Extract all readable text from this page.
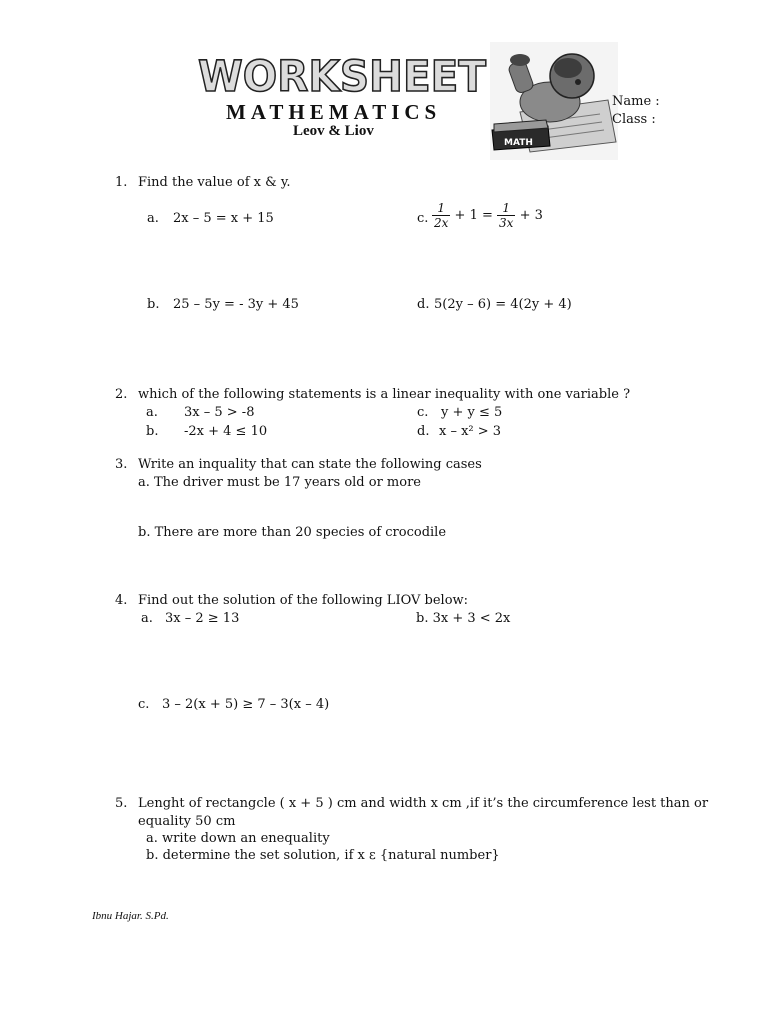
WORKSHEET
MATHEMATICS
Leov & Liov
MATH
Name :
Class :
1. Find the value of x & y.
a. 2x – 5 = x + 15	c. $\frac{1}{2x} + 1 = \frac{1}{3x} + 3$
b. 25 – 5y = - 3y + 45	d. 5(2y – 6) = 4(2y + 4)
2. which of the following statements is a linear inequality with one variable ?
a. 3x – 5 > -8	c. y + y ≤ 5
b. -2x + 4 ≤ 10	d. x – x² > 3
3. Write an inquality that can state the following cases
a. The driver must be 17 years old or more
b. There are more than 20 species of crocodile
4. Find out the solution of the following LIOV below:
a. 3x – 2 ≥ 13	b. 3x + 3 < 2x
c. 3 – 2(x + 5) ≥ 7 – 3(x – 4)
5. Lenght of rectangcle ( x + 5 ) cm and width x cm ,if it’s the circumference lest than or
equality 50 cm
a. write down an enequality
b. determine the set solution, if x ε {natural number}
Ibnu Hajar. S.Pd.
